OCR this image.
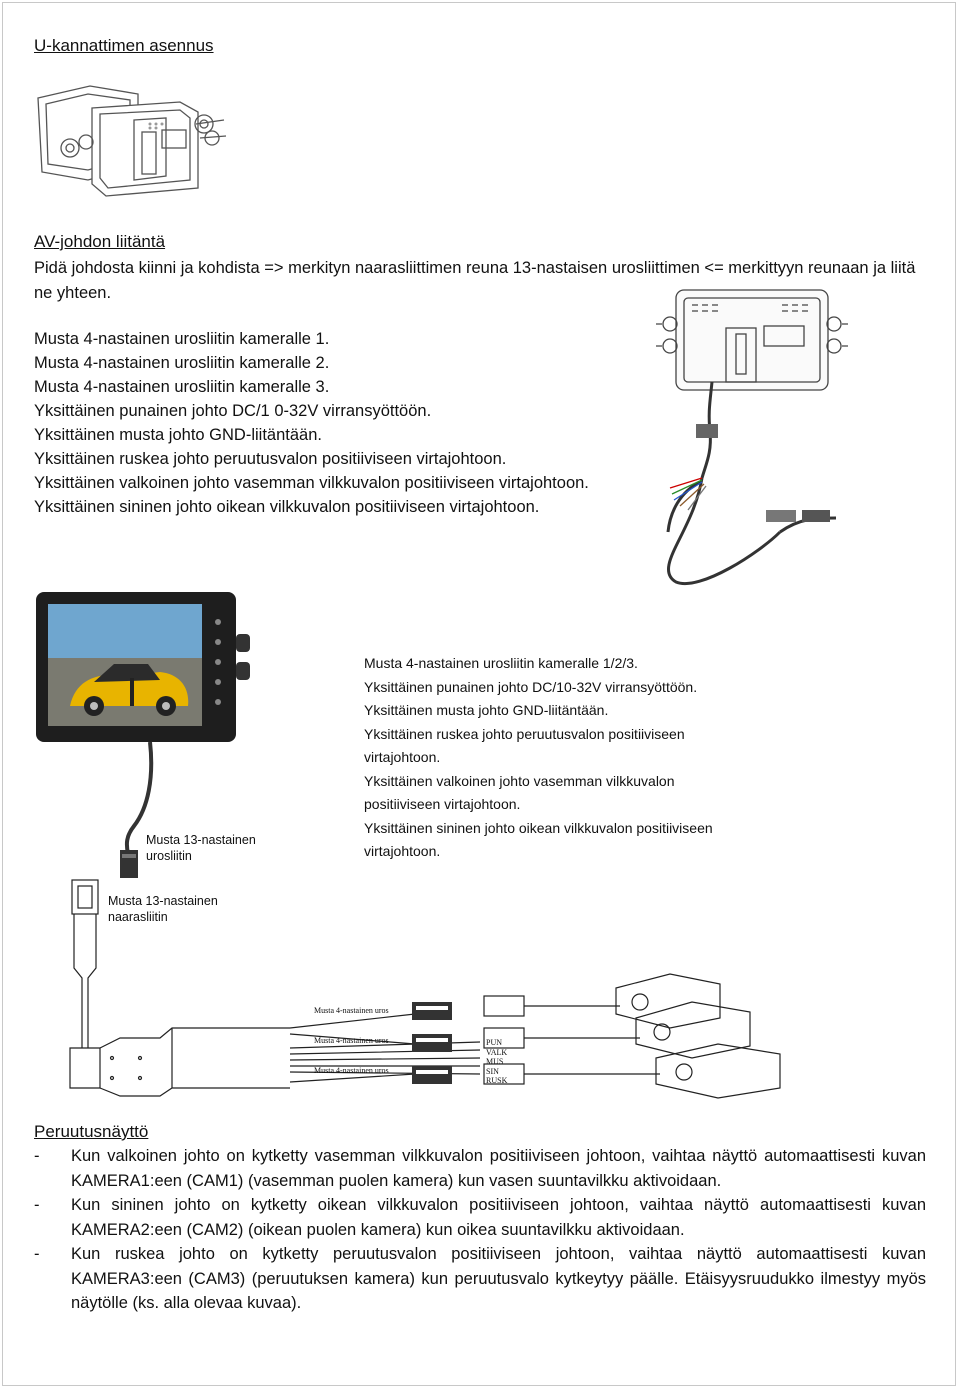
U-kannattimen asennus
AV-johdon liitäntä
Pidä johdosta kiinni ja kohdista => merkityn naarasliittimen reuna 13-nastaisen urosliittimen <= merkittyyn reunaan ja liitä ne yhteen.
Musta 4-nastainen urosliitin kameralle 1.
Musta 4-nastainen urosliitin kameralle 2.
Musta 4-nastainen urosliitin kameralle 3.
Yksittäinen punainen johto DC/1 0-32V virransyöttöön.
Yksittäinen musta johto GND-liitäntään.
Yksittäinen ruskea johto peruutusvalon positiiviseen virtajohtoon.
Yksittäinen valkoinen johto vasemman vilkkuvalon positiiviseen virtajohtoon.
Yksittäinen sininen johto oikean vilkkuvalon positiiviseen virtajohtoon.
Musta 4-nastainen urosliitin kameralle 1/2/3.
Yksittäinen punainen johto DC/10-32V virransyöttöön.
Yksittäinen musta johto GND-liitäntään.
Yksittäinen ruskea johto peruutusvalon positiiviseen
virtajohtoon.
Yksittäinen valkoinen johto vasemman vilkkuvalon
positiiviseen virtajohtoon.
Yksittäinen sininen johto oikean vilkkuvalon positiiviseen
virtajohtoon.
Musta 13-nastainen
urosliitin
Musta 13-nastainen
naarasliitin
Musta 4-nastainen uros
Musta 4-nastainen uros
Musta 4-nastainen uros
PUN
VALK
MUS
SIN
RUSK
Peruutusnäyttö
- Kun valkoinen johto on kytketty vasemman vilkkuvalon positiiviseen johtoon, vaihtaa näyttö automaattisesti kuvan KAMERA1:een (CAM1) (vasemman puolen kamera) kun vasen suuntavilkku aktivoidaan.
- Kun sininen johto on kytketty oikean vilkkuvalon positiiviseen johtoon, vaihtaa näyttö automaattisesti kuvan KAMERA2:een (CAM2) (oikean puolen kamera) kun oikea suuntavilkku aktivoidaan.
- Kun ruskea johto on kytketty peruutusvalon positiiviseen johtoon, vaihtaa näyttö automaattisesti kuvan KAMERA3:een (CAM3) (peruutuksen kamera) kun peruutusvalo kytkeytyy päälle. Etäisyysruudukko ilmestyy myös näytölle (ks. alla olevaa kuvaa).
